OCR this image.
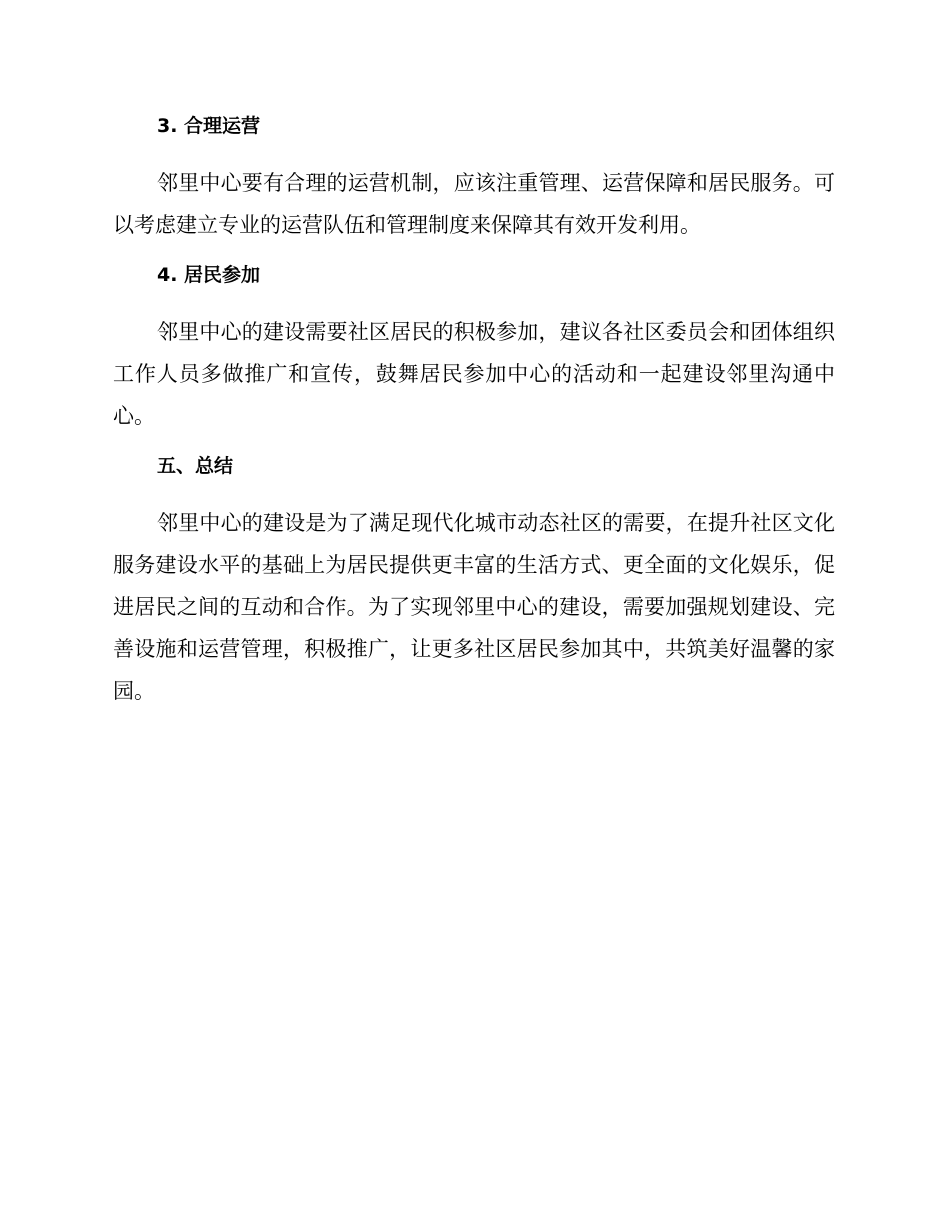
3. 合理运营

邻里中心要有合理的运营机制，应该注重管理、运营保障和居民服务。可以考虑建立专业的运营队伍和管理制度来保障其有效开发利用。

4. 居民参加

邻里中心的建设需要社区居民的积极参加，建议各社区委员会和团体组织工作人员多做推广和宣传，鼓舞居民参加中心的活动和一起建设邻里沟通中心。

五、总结

邻里中心的建设是为了满足现代化城市动态社区的需要，在提升社区文化服务建设水平的基础上为居民提供更丰富的生活方式、更全面的文化娱乐，促进居民之间的互动和合作。为了实现邻里中心的建设，需要加强规划建设、完善设施和运营管理，积极推广，让更多社区居民参加其中，共筑美好温馨的家园。
